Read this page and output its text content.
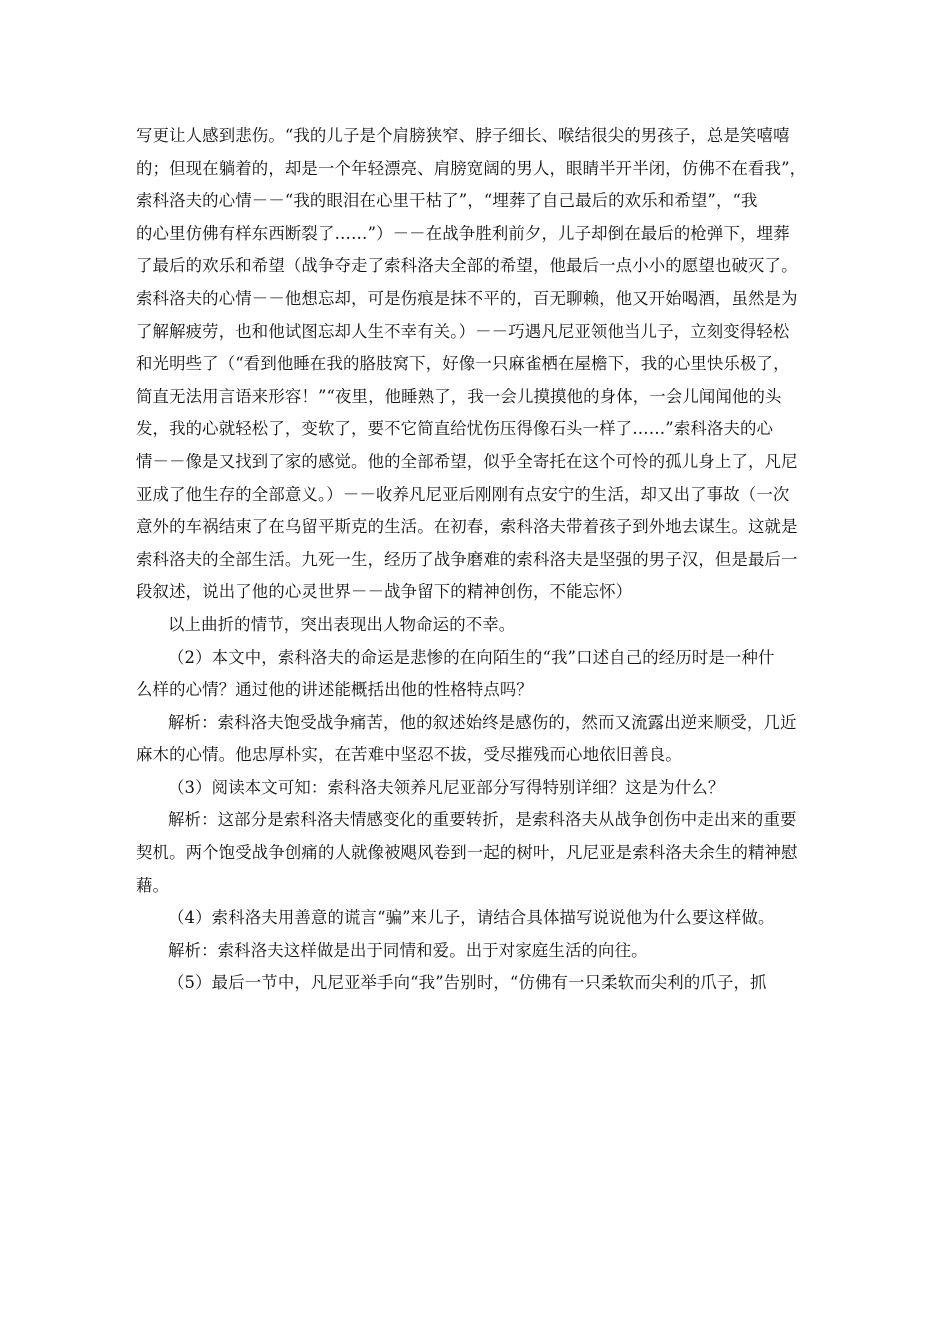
写更让人感到悲伤。“我的儿子是个肩膀狭窄、脖子细长、喉结很尖的男孩子，总是笑嘻嘻
的；但现在躺着的，却是一个年轻漂亮、肩膀宽阔的男人，眼睛半开半闭，仿佛不在看我”，
索科洛夫的心情－－“我的眼泪在心里干枯了”，“埋葬了自己最后的欢乐和希望”，“我
的心里仿佛有样东西断裂了……”）－－在战争胜利前夕，儿子却倒在最后的枪弹下，埋葬
了最后的欢乐和希望（战争夺走了索科洛夫全部的希望，他最后一点小小的愿望也破灭了。
索科洛夫的心情－－他想忘却，可是伤痕是抹不平的，百无聊赖，他又开始喝酒，虽然是为
了解解疲劳，也和他试图忘却人生不幸有关。）－－巧遇凡尼亚领他当儿子，立刻变得轻松
和光明些了（“看到他睡在我的胳肢窝下，好像一只麻雀栖在屋檐下，我的心里快乐极了，
简直无法用言语来形容！”“夜里，他睡熟了，我一会儿摸摸他的身体，一会儿闻闻他的头
发，我的心就轻松了，变软了，要不它简直给忧伤压得像石头一样了……”索科洛夫的心
情－－像是又找到了家的感觉。他的全部希望，似乎全寄托在这个可怜的孤儿身上了，凡尼
亚成了他生存的全部意义。）－－收养凡尼亚后刚刚有点安宁的生活，却又出了事故（一次
意外的车祸结束了在乌留平斯克的生活。在初春，索科洛夫带着孩子到外地去谋生。这就是
索科洛夫的全部生活。九死一生，经历了战争磨难的索科洛夫是坚强的男子汉，但是最后一
段叙述，说出了他的心灵世界－－战争留下的精神创伤，不能忘怀）
以上曲折的情节，突出表现出人物命运的不幸。
（2）本文中，索科洛夫的命运是悲惨的在向陌生的“我”口述自己的经历时是一种什
么样的心情？通过他的讲述能概括出他的性格特点吗？
解析：索科洛夫饱受战争痛苦，他的叙述始终是感伤的，然而又流露出逆来顺受，几近
麻木的心情。他忠厚朴实，在苦难中坚忍不拔，受尽摧残而心地依旧善良。
（3）阅读本文可知：索科洛夫领养凡尼亚部分写得特别详细？这是为什么？
解析：这部分是索科洛夫情感变化的重要转折，是索科洛夫从战争创伤中走出来的重要
契机。两个饱受战争创痛的人就像被飓风卷到一起的树叶，凡尼亚是索科洛夫余生的精神慰
藉。
（4）索科洛夫用善意的谎言“骗”来儿子，请结合具体描写说说他为什么要这样做。
解析：索科洛夫这样做是出于同情和爱。出于对家庭生活的向往。
（5）最后一节中，凡尼亚举手向“我”告别时，“仿佛有一只柔软而尖利的爪子，抓
